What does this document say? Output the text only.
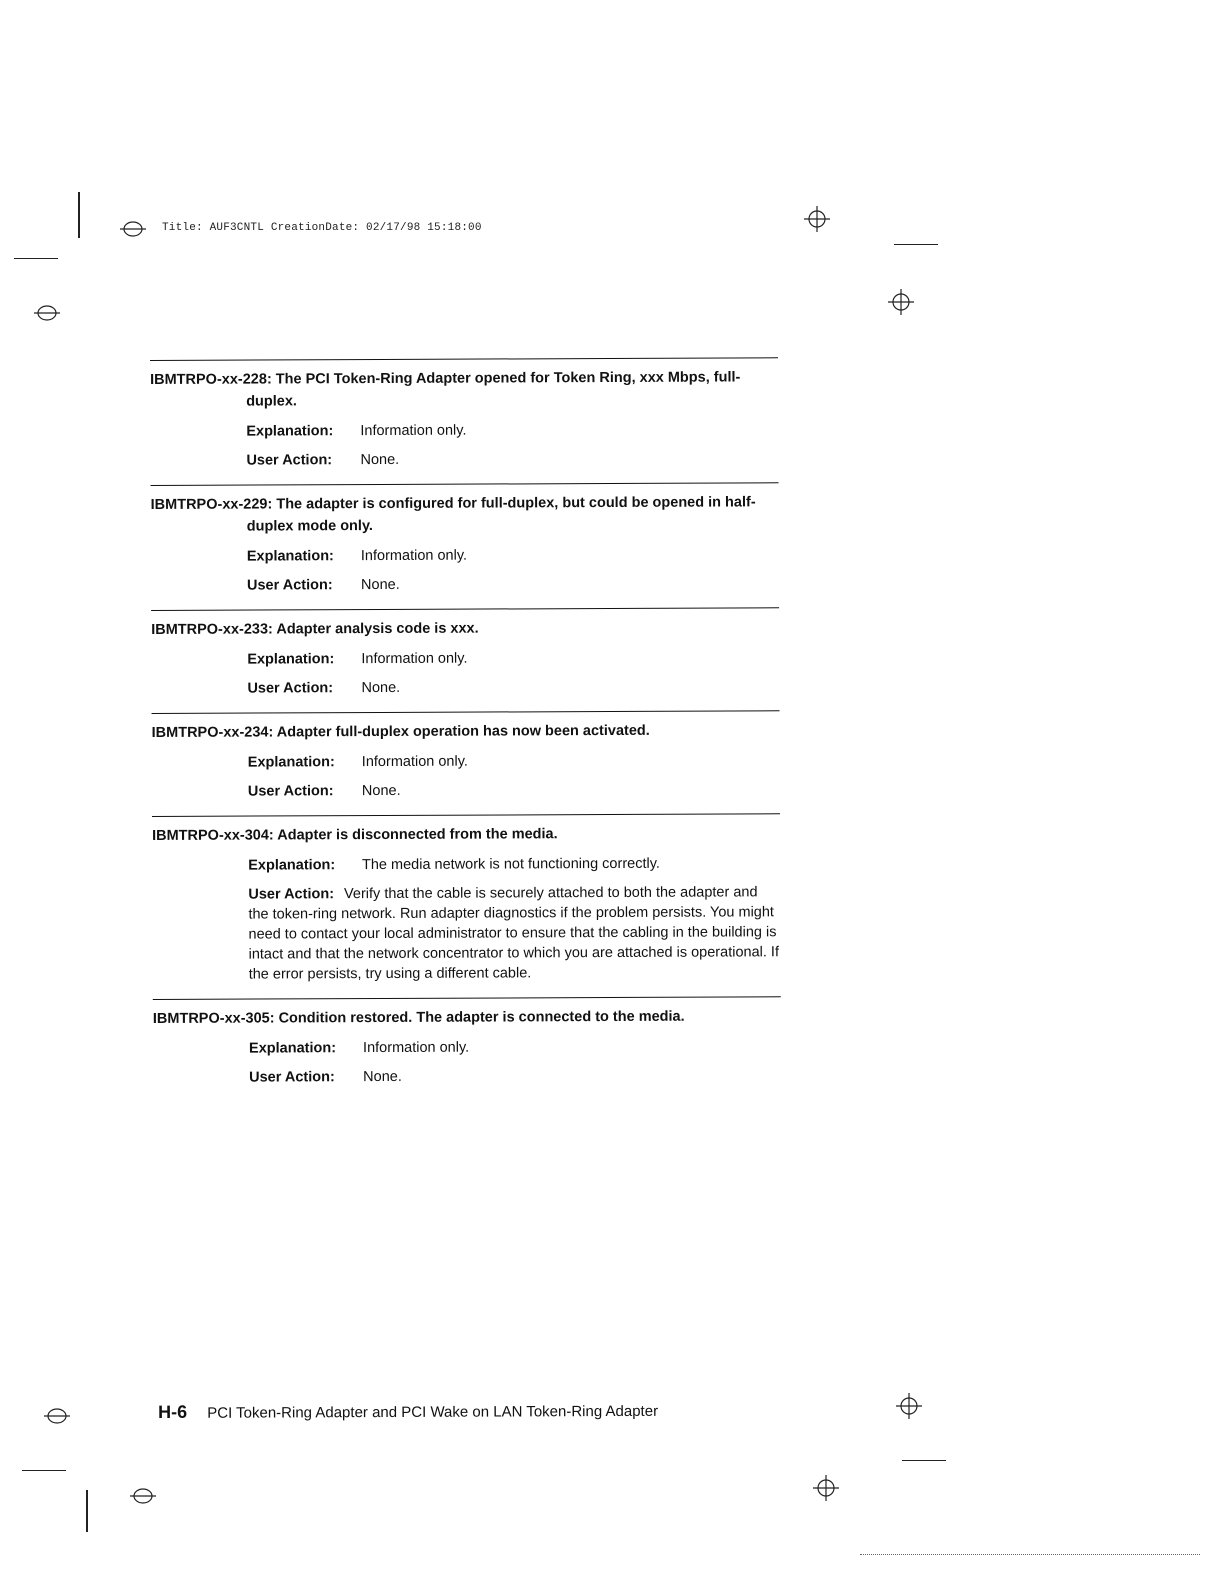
Title: AUF3CNTL CreationDate: 02/17/98 15:18:00

IBMTRPO-xx-228: The PCI Token-Ring Adapter opened for Token Ring, xxx Mbps, full-duplex.

Explanation: Information only.
User Action: None.

IBMTRPO-xx-229: The adapter is configured for full-duplex, but could be opened in half-duplex mode only.

Explanation: Information only.
User Action: None.

IBMTRPO-xx-233: Adapter analysis code is xxx.

Explanation: Information only.
User Action: None.

IBMTRPO-xx-234: Adapter full-duplex operation has now been activated.

Explanation: Information only.
User Action: None.

IBMTRPO-xx-304: Adapter is disconnected from the media.

Explanation: The media network is not functioning correctly.
User Action: Verify that the cable is securely attached to both the adapter and the token-ring network. Run adapter diagnostics if the problem persists. You might need to contact your local administrator to ensure that the cabling in the building is intact and that the network concentrator to which you are attached is operational. If the error persists, try using a different cable.

IBMTRPO-xx-305: Condition restored. The adapter is connected to the media.

Explanation: Information only.
User Action: None.
H-6 PCI Token-Ring Adapter and PCI Wake on LAN Token-Ring Adapter
